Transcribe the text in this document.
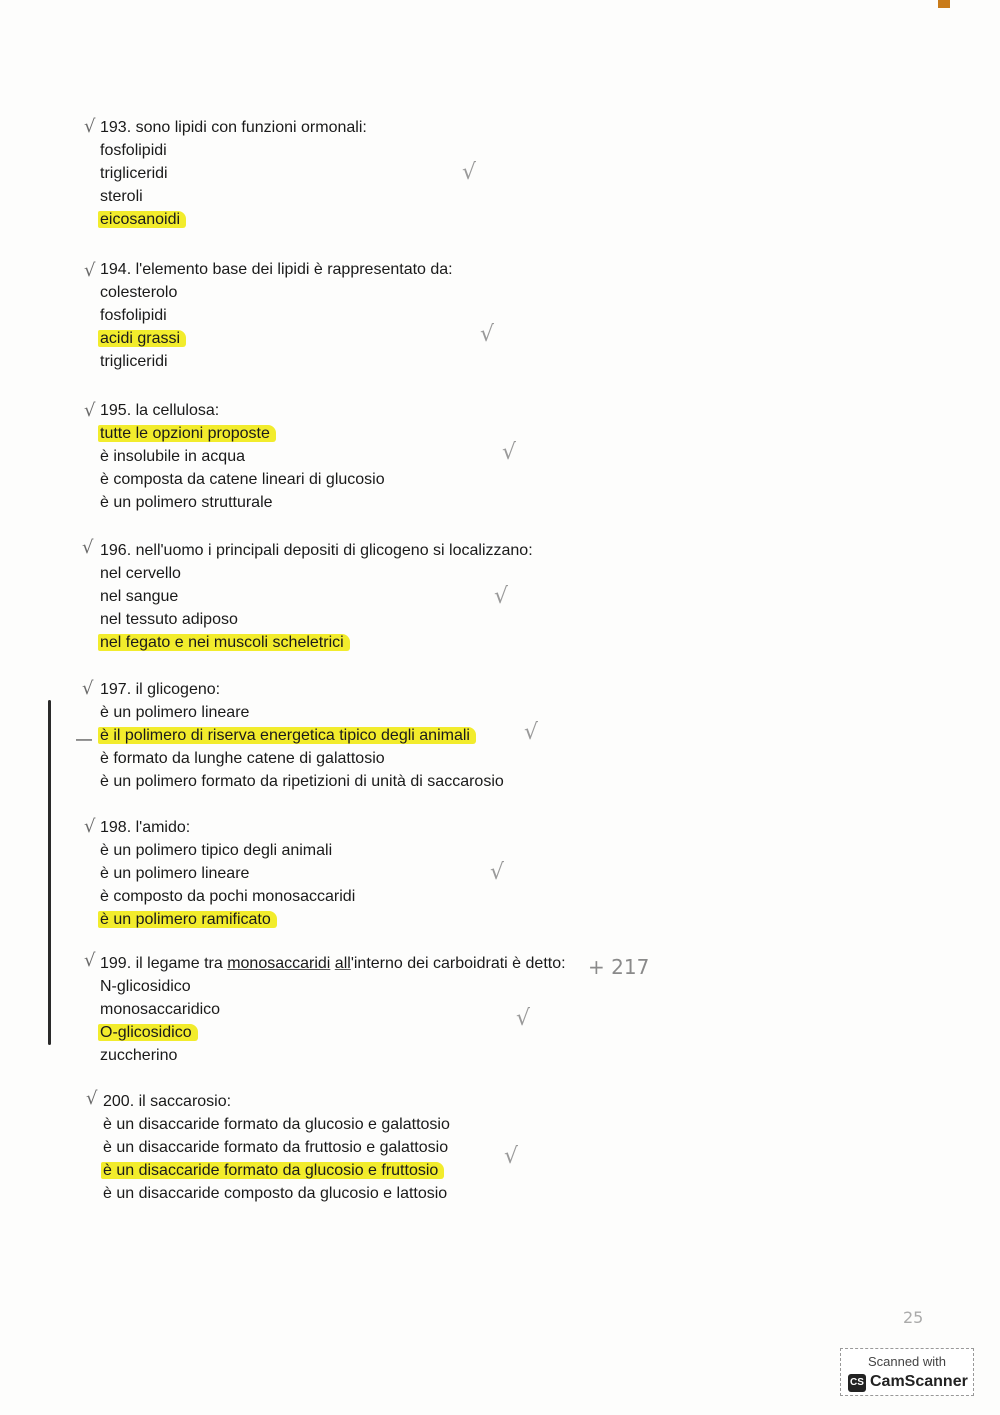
193. sono lipidi con funzioni ormonali:
fosfolipidi
trigliceridi
steroli
eicosanoidi
194. l'elemento base dei lipidi è rappresentato da:
colesterolo
fosfolipidi
acidi grassi
trigliceridi
195. la cellulosa:
tutte le opzioni proposte
è insolubile in acqua
è composta da catene lineari di glucosio
è un polimero strutturale
196. nell'uomo i principali depositi di glicogeno si localizzano:
nel cervello
nel sangue
nel tessuto adiposo
nel fegato e nei muscoli scheletrici
197. il glicogeno:
è un polimero lineare
è il polimero di riserva energetica tipico degli animali
è formato da lunghe catene di galattosio
è un polimero formato da ripetizioni di unità di saccarosio
198. l'amido:
è un polimero tipico degli animali
è un polimero lineare
è composto da pochi monosaccaridi
è un polimero ramificato
199. il legame tra monosaccaridi all'interno dei carboidrati è detto:
N-glicosidico
monosaccaridico
O-glicosidico
zuccherino
200. il saccarosio:
è un disaccaride formato da glucosio e galattosio
è un disaccaride formato da fruttosio e galattosio
è un disaccaride formato da glucosio e fruttosio
è un disaccaride composto da glucosio e lattosio
√
√
√
√
√
√
√
√
√
√
√
√
√
√
√
√
—
+ 217
25
Scanned with
CS CamScanner
